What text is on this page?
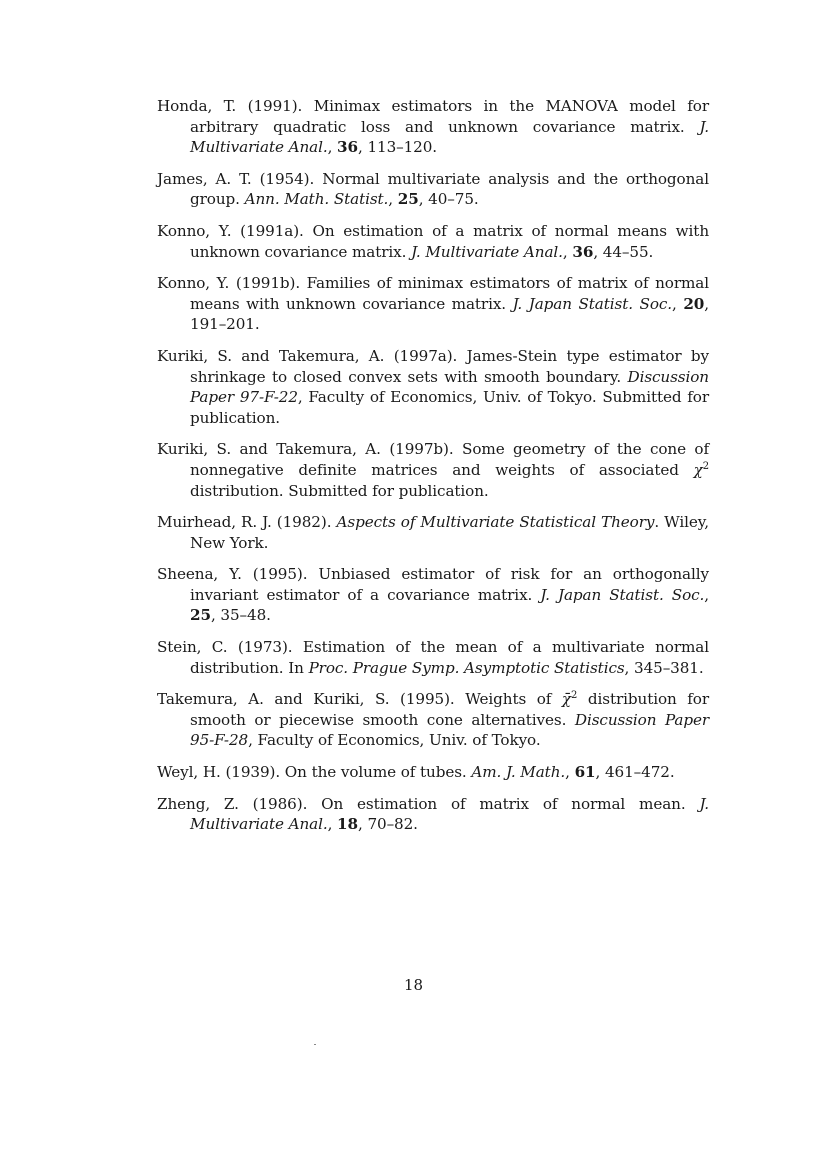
Honda, T. (1991). Minimax estimators in the MANOVA model for arbitrary quadratic loss and unknown covariance matrix. J. Multivariate Anal., 36, 113–120.
James, A. T. (1954). Normal multivariate analysis and the orthogonal group. Ann. Math. Statist., 25, 40–75.
Konno, Y. (1991a). On estimation of a matrix of normal means with unknown covariance matrix. J. Multivariate Anal., 36, 44–55.
Konno, Y. (1991b). Families of minimax estimators of matrix of normal means with unknown covariance matrix. J. Japan Statist. Soc., 20, 191–201.
Kuriki, S. and Takemura, A. (1997a). James-Stein type estimator by shrinkage to closed convex sets with smooth boundary. Discussion Paper 97-F-22, Faculty of Economics, Univ. of Tokyo. Submitted for publication.
Kuriki, S. and Takemura, A. (1997b). Some geometry of the cone of nonnegative definite matrices and weights of associated $\chi^2$ distribution. Submitted for publication.
Muirhead, R. J. (1982). Aspects of Multivariate Statistical Theory. Wiley, New York.
Sheena, Y. (1995). Unbiased estimator of risk for an orthogonally invariant estimator of a covariance matrix. J. Japan Statist. Soc., 25, 35–48.
Stein, C. (1973). Estimation of the mean of a multivariate normal distribution. In Proc. Prague Symp. Asymptotic Statistics, 345–381.
Takemura, A. and Kuriki, S. (1995). Weights of χ̄$^2$ distribution for smooth or piecewise smooth cone alternatives. Discussion Paper 95-F-28, Faculty of Economics, Univ. of Tokyo.
Weyl, H. (1939). On the volume of tubes. Am. J. Math., 61, 461–472.
Zheng, Z. (1986). On estimation of matrix of normal mean. J. Multivariate Anal., 18, 70–82.
18
